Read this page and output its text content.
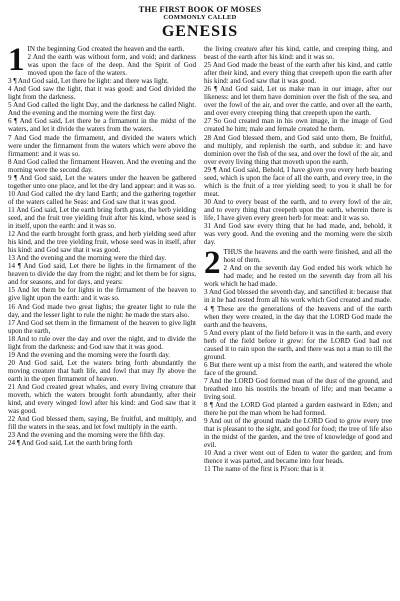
THE FIRST BOOK OF MOSES
COMMONLY CALLED
GENESIS
1 IN the beginning God created the heaven and the earth.

2 And the earth was without form, and void; and darkness was upon the face of the deep. And the Spirit of God moved upon the face of the waters.

3 ¶ And God said, Let there be light: and there was light.

4 And God saw the light, that it was good: and God divided the light from the darkness.

5 And God called the light Day, and the darkness he called Night. And the evening and the morning were the first day.

6 ¶ And God said, Let there be a firmament in the midst of the waters, and let it divide the waters from the waters.

7 And God made the firmament, and divided the waters which were under the firmament from the waters which were above the firmament: and it was so.

8 And God called the firmament Heaven. And the evening and the morning were the second day.

9 ¶ And God said, Let the waters under the heaven be gathered together unto one place, and let the dry land appear: and it was so.

10 And God called the dry land Earth; and the gathering together of the waters called he Seas: and God saw that it was good.

11 And God said, Let the earth bring forth grass, the herb yielding seed, and the fruit tree yielding fruit after his kind, whose seed is in itself, upon the earth: and it was so.

12 And the earth brought forth grass, and herb yielding seed after his kind, and the tree yielding fruit, whose seed was in itself, after his kind: and God saw that it was good.

13 And the evening and the morning were the third day.

14 ¶ And God said, Let there be lights in the firmament of the heaven to divide the day from the night; and let them be for signs, and for seasons, and for days, and years:

15 And let them be for lights in the firmament of the heaven to give light upon the earth: and it was so.

16 And God made two great lights; the greater light to rule the day, and the lesser light to rule the night: he made the stars also.

17 And God set them in the firmament of the heaven to give light upon the earth,

18 And to rule over the day and over the night, and to divide the light from the darkness: and God saw that it was good.

19 And the evening and the morning were the fourth day.

20 And God said, Let the waters bring forth abundantly the moving creature that hath life, and fowl that may fly above the earth in the open firmament of heaven.

21 And God created great whales, and every living creature that moveth, which the waters brought forth abundantly, after their kind, and every winged fowl after his kind: and God saw that it was good.

22 And God blessed them, saying, Be fruitful, and multiply, and fill the waters in the seas, and let fowl multiply in the earth.

23 And the evening and the morning were the fifth day.

24 ¶ And God said, Let the earth bring forth

the living creature after his kind, cattle, and creeping thing, and beast of the earth after his kind: and it was so.

25 And God made the beast of the earth after his kind, and cattle after their kind, and every thing that creepeth upon the earth after his kind: and God saw that it was good.

26 ¶ And God said, Let us make man in our image, after our likeness: and let them have dominion over the fish of the sea, and over the fowl of the air, and over the cattle, and over all the earth, and over every creeping thing that creepeth upon the earth.

27 So God created man in his own image, in the image of God created he him; male and female created he them.

28 And God blessed them, and God said unto them, Be fruitful, and multiply, and replenish the earth, and subdue it: and have dominion over the fish of the sea, and over the fowl of the air, and over every living thing that moveth upon the earth.

29 ¶ And God said, Behold, I have given you every herb bearing seed, which is upon the face of all the earth, and every tree, in the which is the fruit of a tree yielding seed; to you it shall be for meat.

30 And to every beast of the earth, and to every fowl of the air, and to every thing that creepeth upon the earth, wherein there is life, I have given every green herb for meat: and it was so.

31 And God saw every thing that he had made, and, behold, it was very good. And the evening and the morning were the sixth day.

2 THUS the heavens and the earth were finished, and all the host of them.

2 And on the seventh day God ended his work which he had made; and he rested on the seventh day from all his work which he had made.

3 And God blessed the seventh day, and sanctified it: because that in it he had rested from all his work which God created and made.

4 ¶ These are the generations of the heavens and of the earth when they were created, in the day that the LORD God made the earth and the heavens,

5 And every plant of the field before it was in the earth, and every herb of the field before it grew: for the LORD God had not caused it to rain upon the earth, and there was not a man to till the ground.

6 But there went up a mist from the earth, and watered the whole face of the ground.

7 And the LORD God formed man of the dust of the ground, and breathed into his nostrils the breath of life; and man became a living soul.

8 ¶ And the LORD God planted a garden eastward in Eden; and there he put the man whom he had formed.

9 And out of the ground made the LORD God to grow every tree that is pleasant to the sight, and good for food; the tree of life also in the midst of the garden, and the tree of knowledge of good and evil.

10 And a river went out of Eden to water the garden; and from thence it was parted, and became into four heads.

11 The name of the first is Pi'son: that is it
